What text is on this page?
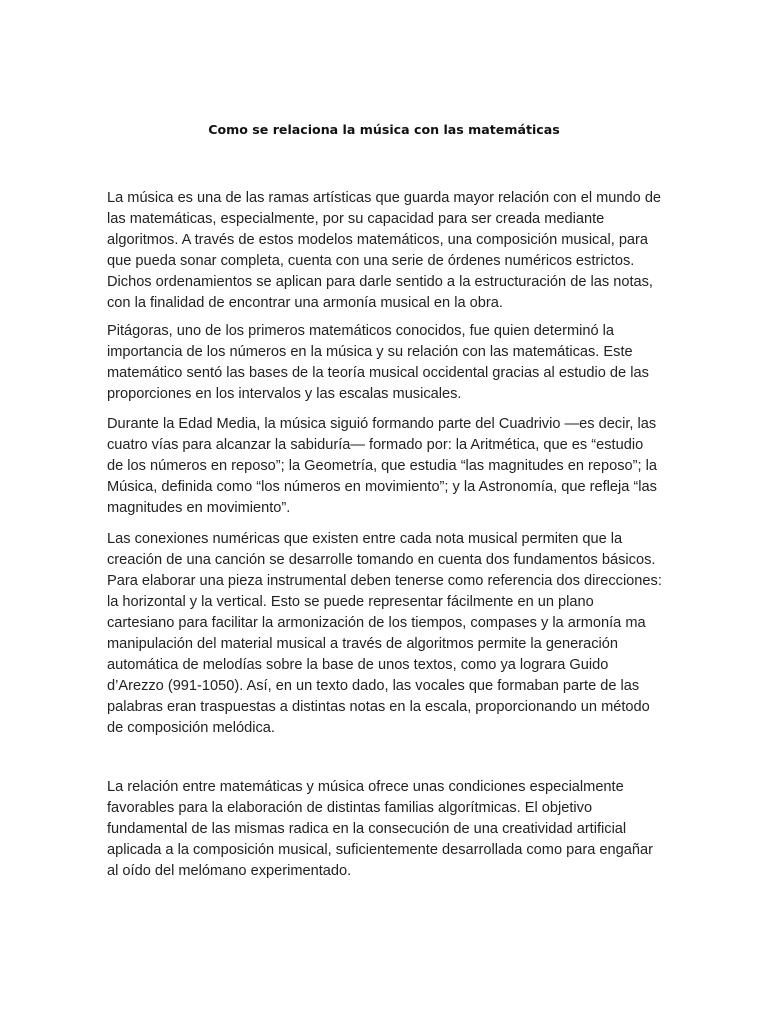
Como se relaciona la música con las matemáticas

La música es una de las ramas artísticas que guarda mayor relación con el mundo de las matemáticas, especialmente, por su capacidad para ser creada mediante algoritmos. A través de estos modelos matemáticos, una composición musical, para que pueda sonar completa, cuenta con una serie de órdenes numéricos estrictos. Dichos ordenamientos se aplican para darle sentido a la estructuración de las notas, con la finalidad de encontrar una armonía musical en la obra.

Pitágoras, uno de los primeros matemáticos conocidos, fue quien determinó la importancia de los números en la música y su relación con las matemáticas. Este matemático sentó las bases de la teoría musical occidental gracias al estudio de las proporciones en los intervalos y las escalas musicales.

Durante la Edad Media, la música siguió formando parte del Cuadrivio —es decir, las cuatro vías para alcanzar la sabiduría— formado por: la Aritmética, que es “estudio de los números en reposo”; la Geometría, que estudia “las magnitudes en reposo”; la Música, definida como “los números en movimiento”; y la Astronomía, que refleja “las magnitudes en movimiento”.

Las conexiones numéricas que existen entre cada nota musical permiten que la creación de una canción se desarrolle tomando en cuenta dos fundamentos básicos. Para elaborar una pieza instrumental deben tenerse como referencia dos direcciones: la horizontal y la vertical. Esto se puede representar fácilmente en un plano cartesiano para facilitar la armonización de los tiempos, compases y la armonía ma manipulación del material musical a través de algoritmos permite la generación automática de melodías sobre la base de unos textos, como ya lograra Guido d’Arezzo (991-1050). Así, en un texto dado, las vocales que formaban parte de las palabras eran traspuestas a distintas notas en la escala, proporcionando un método de composición melódica.

La relación entre matemáticas y música ofrece unas condiciones especialmente favorables para la elaboración de distintas familias algorítmicas. El objetivo fundamental de las mismas radica en la consecución de una creatividad artificial aplicada a la composición musical, suficientemente desarrollada como para engañar al oído del melómano experimentado.
